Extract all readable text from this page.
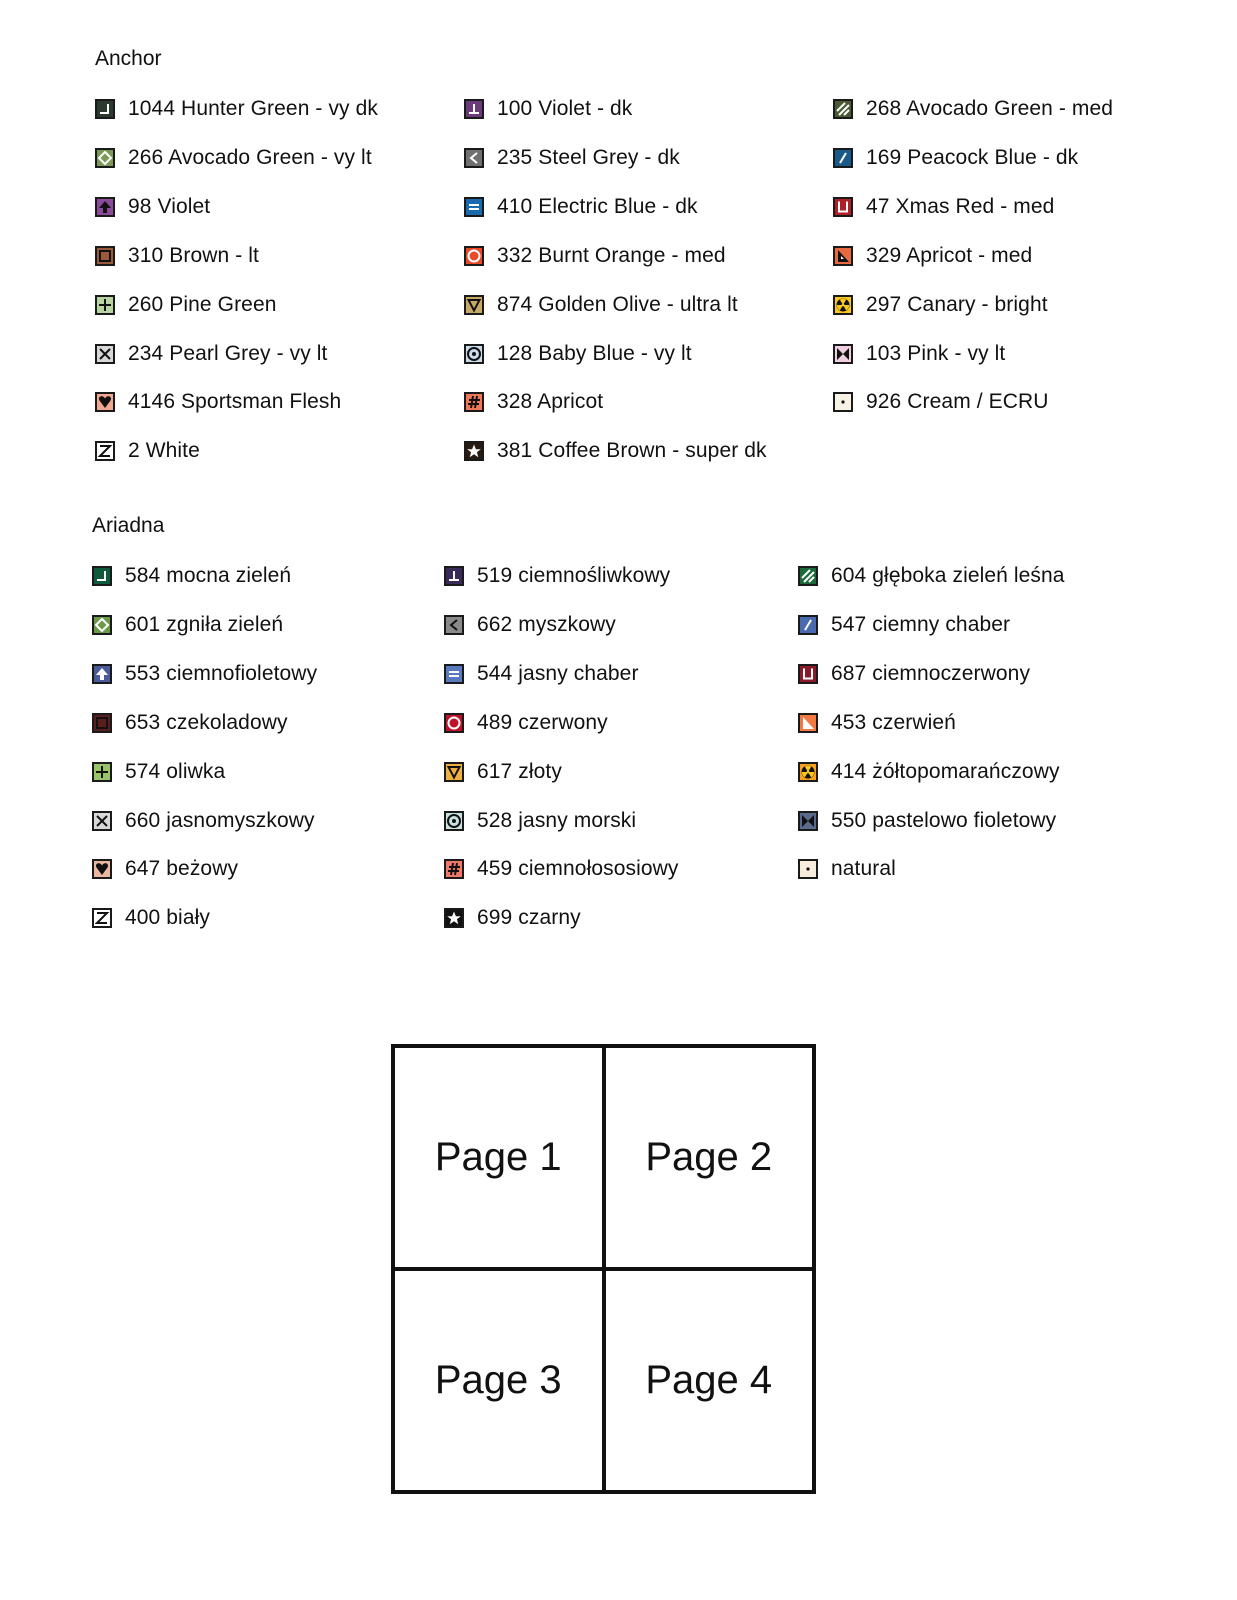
Anchor
1044 Hunter Green - vy dk
266 Avocado Green - vy lt
98 Violet
310 Brown - lt
260 Pine Green
234 Pearl Grey - vy lt
4146 Sportsman Flesh
2 White
100 Violet - dk
235 Steel Grey - dk
410 Electric Blue - dk
332 Burnt Orange - med
874 Golden Olive - ultra lt
128 Baby Blue - vy lt
328 Apricot
381 Coffee Brown - super dk
268 Avocado Green - med
169 Peacock Blue - dk
47 Xmas Red - med
329 Apricot - med
297 Canary - bright
103 Pink - vy lt
926 Cream / ECRU
Ariadna
584 mocna zieleń
601 zgniła zieleń
553 ciemnofioletowy
653 czekoladowy
574 oliwka
660 jasnomyszkowy
647 beżowy
400 biały
519 ciemnośliwkowy
662 myszkowy
544 jasny chaber
489 czerwony
617 złoty
528 jasny morski
459 ciemnołososiowy
699 czarny
604 głęboka zieleń leśna
547 ciemny chaber
687 ciemnoczerwony
453 czerwień
414 żółtopomarańczowy
550 pastelowo fioletowy
natural
Page 1 Page 2
Page 3 Page 4
